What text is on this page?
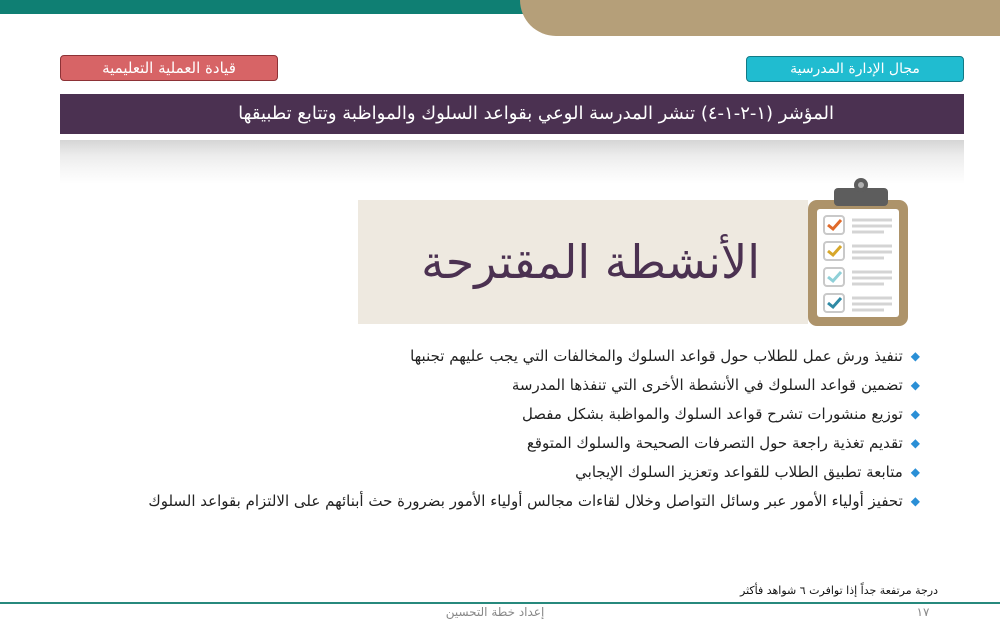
مجال الإدارة المدرسية
قيادة العملية التعليمية
المؤشر (١-٢-١-٤) تنشر المدرسة الوعي بقواعد السلوك والمواظبة وتتابع تطبيقها
الأنشطة المقترحة
◆تنفيذ ورش عمل للطلاب حول قواعد السلوك والمخالفات التي يجب عليهم تجنبها
◆تضمين قواعد السلوك في الأنشطة الأخرى التي تنفذها المدرسة
◆توزيع منشورات تشرح قواعد السلوك والمواظبة بشكل مفصل
◆تقديم تغذية راجعة حول التصرفات الصحيحة والسلوك المتوقع
◆متابعة تطبيق الطلاب للقواعد وتعزيز السلوك الإيجابي
◆تحفيز أولياء الأمور عبر وسائل التواصل وخلال لقاءات مجالس أولياء الأمور بضرورة حث أبنائهم على الالتزام بقواعد السلوك
درجة مرتفعة جداً إذا توافرت ٦ شواهد فأكثر
١٧
إعداد خطة التحسين
